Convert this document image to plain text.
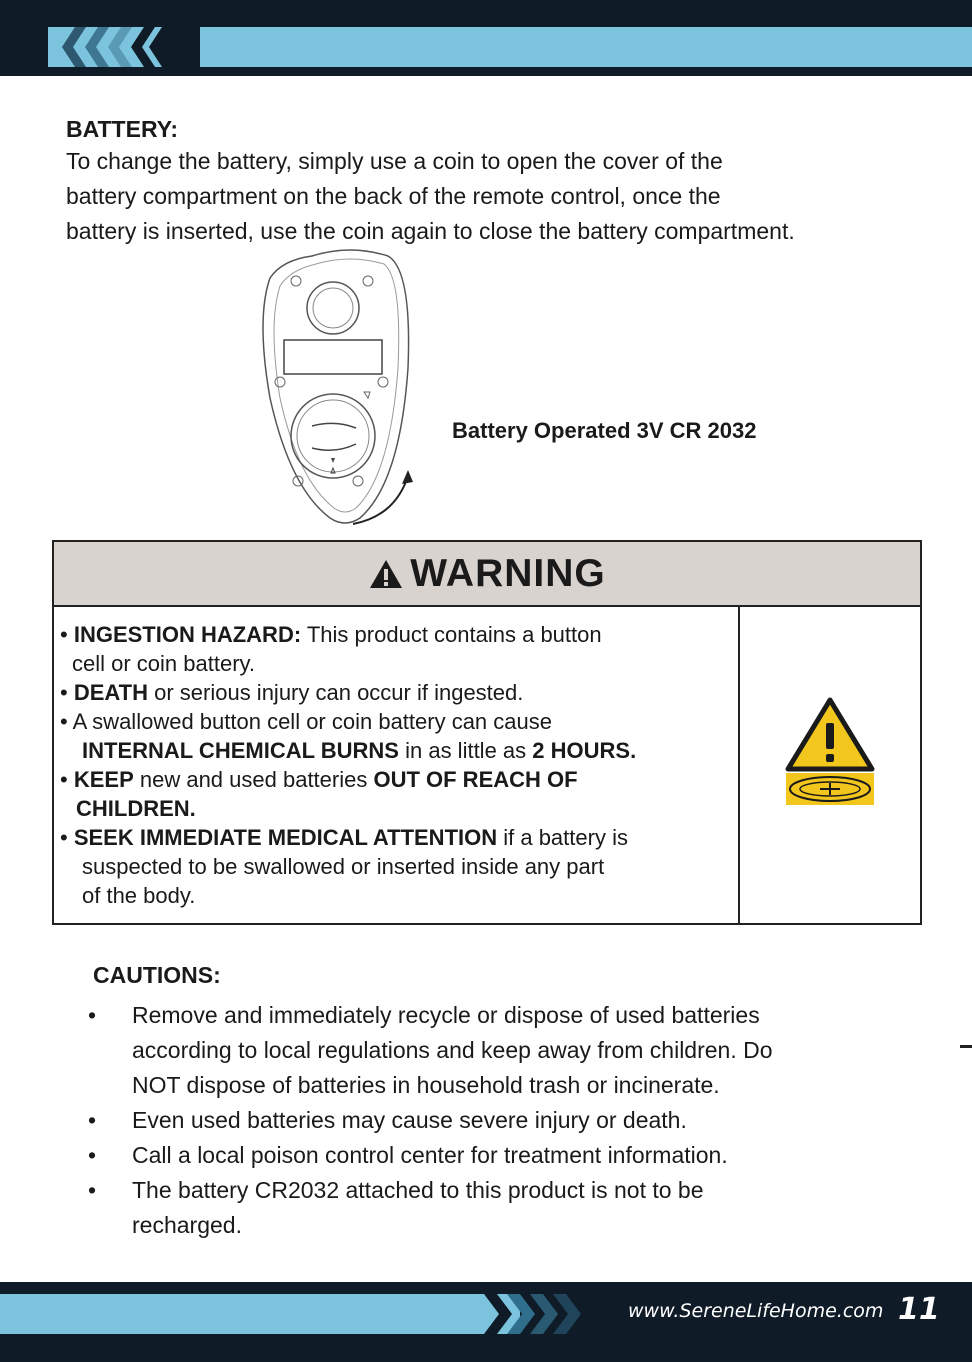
BATTERY:
To change the battery, simply use a coin to open the cover of the
battery compartment on the back of the remote control, once the
battery is inserted, use the coin again to close the battery compartment.
Battery Operated 3V CR 2032
WARNING
• INGESTION HAZARD: This product contains a button
cell or coin battery.
• DEATH or serious injury can occur if ingested.
• A swallowed button cell or coin battery can cause
INTERNAL CHEMICAL BURNS in as little as 2 HOURS.
• KEEP new and used batteries OUT OF REACH OF
CHILDREN.
• SEEK IMMEDIATE MEDICAL ATTENTION if a battery is
suspected to be swallowed or inserted inside any part
of the body.
CAUTIONS:
• Remove and immediately recycle or dispose of used batteries
according to local regulations and keep away from children. Do
NOT dispose of batteries in household trash or incinerate.
• Even used batteries may cause severe injury or death.
• Call a local poison control center for treatment information.
• The battery CR2032 attached to this product is not to be
recharged.
www.SereneLifeHome.com 11
